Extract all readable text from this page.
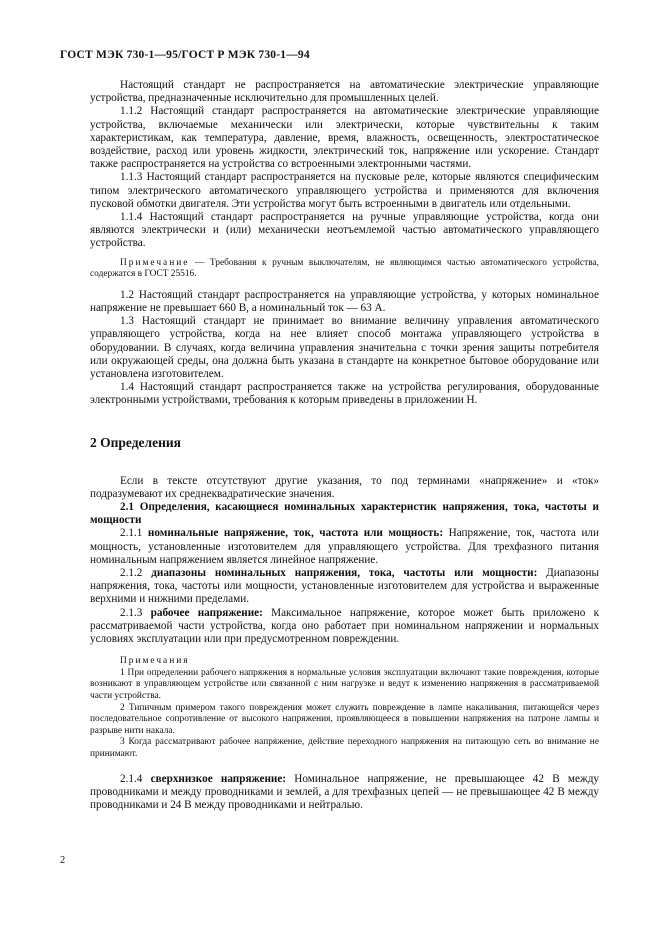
ГОСТ МЭК 730-1—95/ГОСТ Р МЭК 730-1—94

Настоящий стандарт не распространяется на автоматические электрические управляющие устройства, предназначенные исключительно для промышленных целей.

1.1.2 Настоящий стандарт распространяется на автоматические электрические управляющие устройства, включаемые механически или электрически, которые чувствительны к таким характеристикам, как температура, давление, время, влажность, освещенность, электростатическое воздействие, расход или уровень жидкости, электрический ток, напряжение или ускорение. Стандарт также распространяется на устройства со встроенными электронными частями.

1.1.3 Настоящий стандарт распространяется на пусковые реле, которые являются специфическим типом электрического автоматического управляющего устройства и применяются для включения пусковой обмотки двигателя. Эти устройства могут быть встроенными в двигатель или отдельными.

1.1.4 Настоящий стандарт распространяется на ручные управляющие устройства, когда они являются электрически и (или) механически неотъемлемой частью автоматического управляющего устройства.

Примечание — Требования к ручным выключателям, не являющимся частью автоматического устройства, содержатся в ГОСТ 25516.

1.2 Настоящий стандарт распространяется на управляющие устройства, у которых номинальное напряжение не превышает 660 В, а номинальный ток — 63 А.

1.3 Настоящий стандарт не принимает во внимание величину управления автоматического управляющего устройства, когда на нее влияет способ монтажа управляющего устройства в оборудовании. В случаях, когда величина управления значительна с точки зрения защиты потребителя или окружающей среды, она должна быть указана в стандарте на конкретное бытовое оборудование или установлена изготовителем.

1.4 Настоящий стандарт распространяется также на устройства регулирования, оборудованные электронными устройствами, требования к которым приведены в приложении Н.

2 Определения

Если в тексте отсутствуют другие указания, то под терминами «напряжение» и «ток» подразумевают их среднеквадратические значения.

2.1 Определения, касающиеся номинальных характеристик напряжения, тока, частоты и мощности

2.1.1 номинальные напряжение, ток, частота или мощность: Напряжение, ток, частота или мощность, установленные изготовителем для управляющего устройства. Для трехфазного питания номинальным напряжением является линейное напряжение.

2.1.2 диапазоны номинальных напряжения, тока, частоты или мощности: Диапазоны напряжения, тока, частоты или мощности, установленные изготовителем для устройства и выраженные верхними и нижними пределами.

2.1.3 рабочее напряжение: Максимальное напряжение, которое может быть приложено к рассматриваемой части устройства, когда оно работает при номинальном напряжении и нормальных условиях эксплуатации или при предусмотренном повреждении.

Примечания

1 При определении рабочего напряжения в нормальные условия эксплуатации включают такие повреждения, которые возникают в управляющем устройстве или связанной с ним нагрузке и ведут к изменению напряжения в рассматриваемой части устройства.

2 Типичным примером такого повреждения может служить повреждение в лампе накаливания, питающейся через последовательное сопротивление от высокого напряжения, проявляющееся в повышении напряжения на патроне лампы и разрыве нити накала.

3 Когда рассматривают рабочее напряжение, действие переходного напряжения на питающую сеть во внимание не принимают.

2.1.4 сверхнизкое напряжение: Номинальное напряжение, не превышающее 42 В между проводниками и между проводниками и землей, а для трехфазных цепей — не превышающее 42 В между проводниками и 24 В между проводниками и нейтралью.

2
